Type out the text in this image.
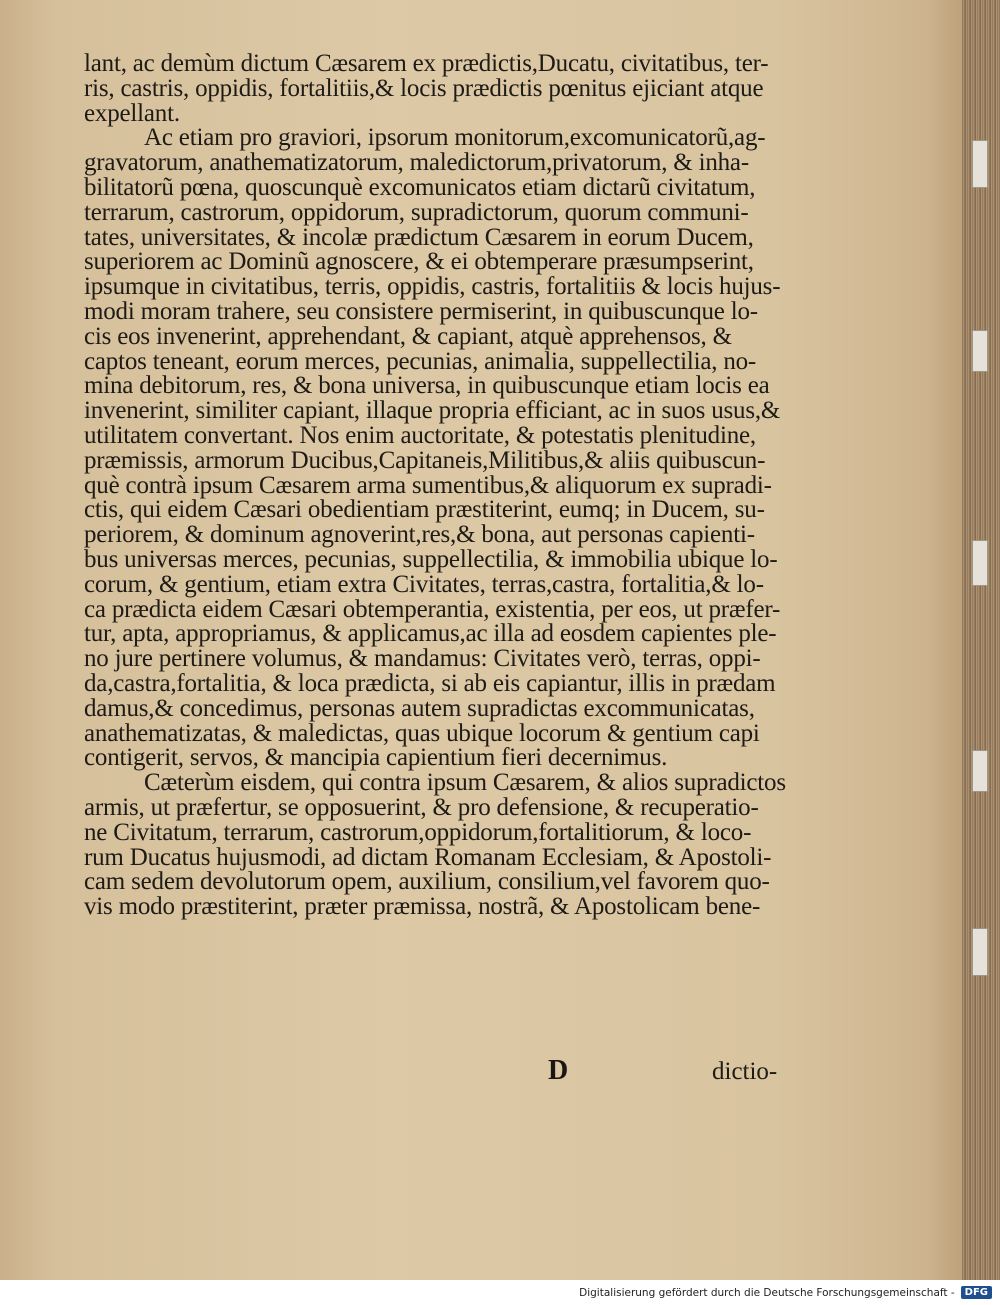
lant, ac demùm dictum Cæsarem ex prædictis,Ducatu, civitatibus, ter-
ris, castris, oppidis, fortalitiis,& locis prædictis pœnitus ejiciant atque
expellant.

Ac etiam pro graviori, ipsorum monitorum,excomunicatorũ,ag-
gravatorum, anathematizatorum, maledictorum,privatorum, & inha-
bilitatorũ pœna, quoscunquè excomunicatos etiam dictarũ civitatum,
terrarum, castrorum, oppidorum, supradictorum, quorum communi-
tates, universitates, & incolæ prædictum Cæsarem in eorum Ducem,
superiorem ac Dominũ agnoscere, & ei obtemperare præsumpserint,
ipsumque in civitatibus, terris, oppidis, castris, fortalitiis & locis hujus-
modi moram trahere, seu consistere permiserint, in quibuscunque lo-
cis eos invenerint, apprehendant, & capiant, atquè apprehensos, &
captos teneant, eorum merces, pecunias, animalia, suppellectilia, no-
mina debitorum, res, & bona universa, in quibuscunque etiam locis ea
invenerint, similiter capiant, illaque propria efficiant, ac in suos usus,&
utilitatem convertant. Nos enim auctoritate, & potestatis plenitudine,
præmissis, armorum Ducibus,Capitaneis,Militibus,& aliis quibuscun-
què contrà ipsum Cæsarem arma sumentibus,& aliquorum ex supradi-
ctis, qui eidem Cæsari obedientiam præstiterint, eumq; in Ducem, su-
periorem, & dominum agnoverint,res,& bona, aut personas capienti-
bus universas merces, pecunias, suppellectilia, & immobilia ubique lo-
corum, & gentium, etiam extra Civitates, terras,castra, fortalitia,& lo-
ca prædicta eidem Cæsari obtemperantia, existentia, per eos, ut præfer-
tur, apta, appropriamus, & applicamus,ac illa ad eosdem capientes ple-
no jure pertinere volumus, & mandamus: Civitates verò, terras, oppi-
da,castra,fortalitia, & loca prædicta, si ab eis capiantur, illis in prædam
damus,& concedimus, personas autem supradictas excommunicatas,
anathematizatas, & maledictas, quas ubique locorum & gentium capi
contigerit, servos, & mancipia capientium fieri decernimus.

Cæterùm eisdem, qui contra ipsum Cæsarem, & alios supradictos
armis, ut præfertur, se opposuerint, & pro defensione, & recuperatio-
ne Civitatum, terrarum, castrorum,oppidorum,fortalitiorum, & loco-
rum Ducatus hujusmodi, ad dictam Romanam Ecclesiam, & Apostoli-
cam sedem devolutorum opem, auxilium, consilium,vel favorem quo-
vis modo præstiterint, præter præmissa, nostrã, & Apostolicam bene-

D	dictio-
Digitalisierung gefördert durch die Deutsche Forschungsgemeinschaft -	DFG
